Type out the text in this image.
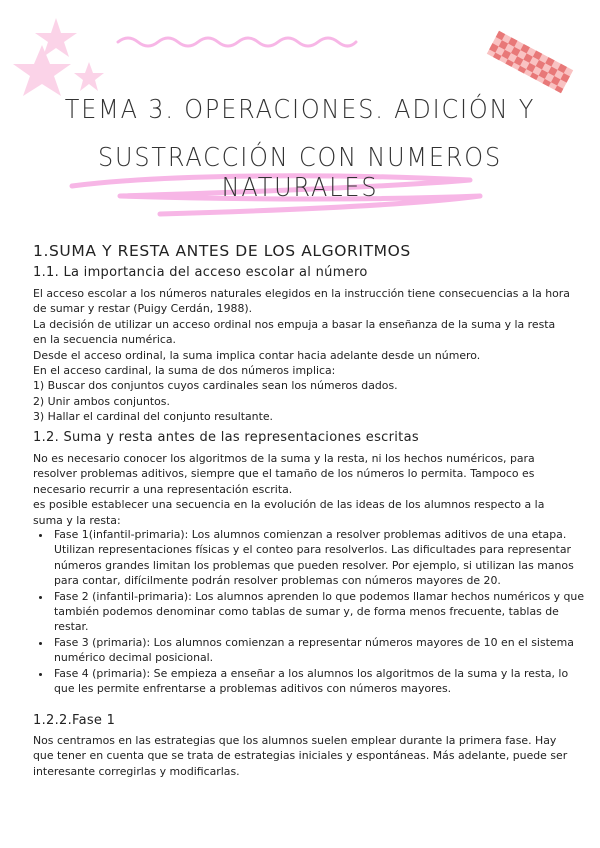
TEMA 3. OPERACIONES. ADICIÓN Y
SUSTRACCIÓN CON NUMEROS NATURALES
1.SUMA Y RESTA ANTES DE LOS ALGORITMOS
1.1. La importancia del acceso escolar al número

El acceso escolar a los números naturales elegidos en la instrucción tiene consecuencias a la hora de sumar y restar (Puigy Cerdán, 1988).

La decisión de utilizar un acceso ordinal nos empuja a basar la enseñanza de la suma y la resta en la secuencia numérica.

Desde el acceso ordinal, la suma implica contar hacia adelante desde un número.

En el acceso cardinal, la suma de dos números implica:

1) Buscar dos conjuntos cuyos cardinales sean los números dados.

2) Unir ambos conjuntos.

3) Hallar el cardinal del conjunto resultante.

1.2. Suma y resta antes de las representaciones escritas

No es necesario conocer los algoritmos de la suma y la resta, ni los hechos numéricos, para resolver problemas aditivos, siempre que el tamaño de los números lo permita. Tampoco es necesario recurrir a una representación escrita.

es posible establecer una secuencia en la evolución de las ideas de los alumnos respecto a la suma y la resta:

• Fase 1(infantil-primaria): Los alumnos comienzan a resolver problemas aditivos de una etapa. Utilizan representaciones físicas y el conteo para resolverlos. Las dificultades para representar números grandes limitan los problemas que pueden resolver. Por ejemplo, si utilizan las manos para contar, difícilmente podrán resolver problemas con números mayores de 20.
• Fase 2 (infantil-primaria): Los alumnos aprenden lo que podemos llamar hechos numéricos y que también podemos denominar como tablas de sumar y, de forma menos frecuente, tablas de restar.
• Fase 3 (primaria): Los alumnos comienzan a representar números mayores de 10 en el sistema numérico decimal posicional.
• Fase 4 (primaria): Se empieza a enseñar a los alumnos los algoritmos de la suma y la resta, lo que les permite enfrentarse a problemas aditivos con números mayores.
1.2.2.Fase 1

Nos centramos en las estrategias que los alumnos suelen emplear durante la primera fase. Hay que tener en cuenta que se trata de estrategias iniciales y espontáneas. Más adelante, puede ser interesante corregirlas y modificarlas.
